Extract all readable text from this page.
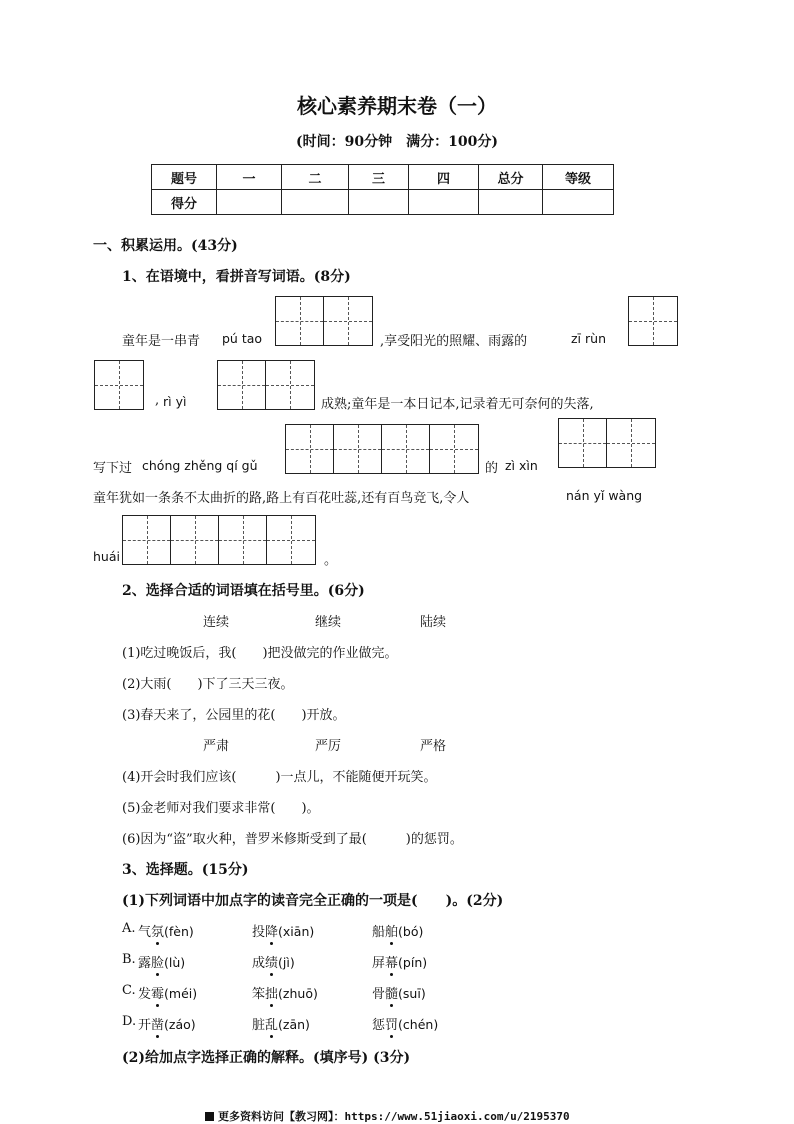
核心素养期末卷（一）
(时间：90分钟　满分：100分)
题号	一	二	三	四	总分	等级
得分						
一、积累运用。(43分)
1、在语境中，看拼音写词语。(8分)
童年是一串青 pú tao	,享受阳光的照耀、雨露的	zī rùn
, rì yì	成熟;童年是一本日记本,记录着无可奈何的失落,
写下过 chóng zhěng qí gǔ	的 zì xìn
童年犹如一条条不太曲折的路,路上有百花吐蕊,还有百鸟竞飞,令人	nán yǐ wàng
huái	。
2、选择合适的词语填在括号里。(6分)
连续	继续	陆续
(1)吃过晚饭后，我(　　)把没做完的作业做完。
(2)大雨(　　)下了三天三夜。
(3)春天来了，公园里的花(　　)开放。
严肃	严厉	严格
(4)开会时我们应该(　　　)一点儿，不能随便开玩笑。
(5)金老师对我们要求非常(　　)。
(6)因为“盗”取火种，普罗米修斯受到了最(　　　)的惩罚。
3、选择题。(15分)
(1)下列词语中加点字的读音完全正确的一项是(　　)。(2分)
A. 气氛(fèn)	投降(xiān)	船舶(bó)
B. 露脸(lù)	成绩(jì)	屏幕(pín)
C. 发霉(méi)	笨拙(zhuō)	骨髓(suī)
D. 开凿(záo)	脏乱(zān)	惩罚(chén)
(2)给加点字选择正确的解释。(填序号) (3分)
更多资料访问【教习网】：https://www.51jiaoxi.com/u/2195370
